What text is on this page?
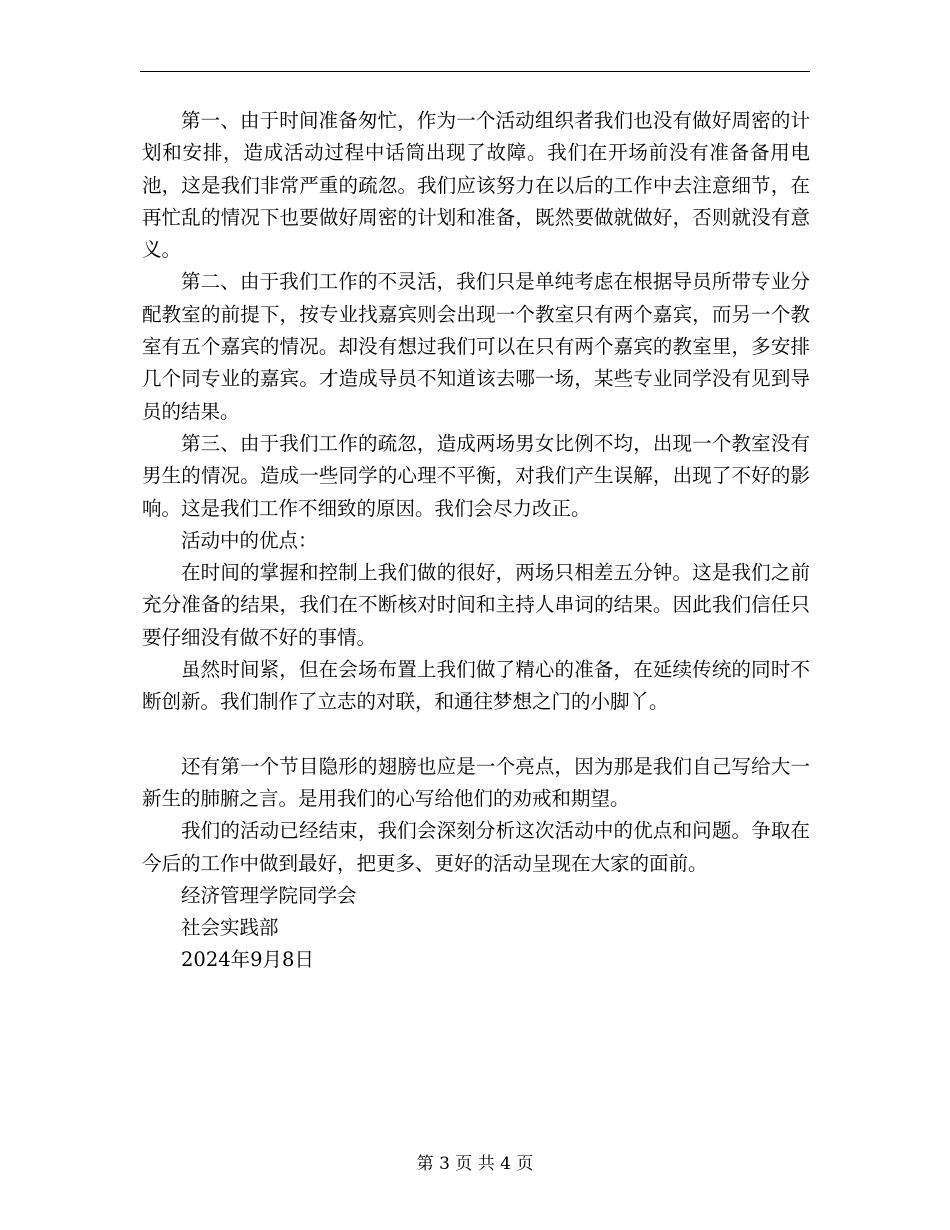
第一、由于时间准备匆忙，作为一个活动组织者我们也没有做好周密的计划和安排，造成活动过程中话筒出现了故障。我们在开场前没有准备备用电池，这是我们非常严重的疏忽。我们应该努力在以后的工作中去注意细节，在再忙乱的情况下也要做好周密的计划和准备，既然要做就做好，否则就没有意义。

第二、由于我们工作的不灵活，我们只是单纯考虑在根据导员所带专业分配教室的前提下，按专业找嘉宾则会出现一个教室只有两个嘉宾，而另一个教室有五个嘉宾的情况。却没有想过我们可以在只有两个嘉宾的教室里，多安排几个同专业的嘉宾。才造成导员不知道该去哪一场，某些专业同学没有见到导员的结果。

第三、由于我们工作的疏忽，造成两场男女比例不均，出现一个教室没有男生的情况。造成一些同学的心理不平衡，对我们产生误解，出现了不好的影响。这是我们工作不细致的原因。我们会尽力改正。

活动中的优点：

在时间的掌握和控制上我们做的很好，两场只相差五分钟。这是我们之前充分准备的结果，我们在不断核对时间和主持人串词的结果。因此我们信任只要仔细没有做不好的事情。

虽然时间紧，但在会场布置上我们做了精心的准备，在延续传统的同时不断创新。我们制作了立志的对联，和通往梦想之门的小脚丫。

还有第一个节目隐形的翅膀也应是一个亮点，因为那是我们自己写给大一新生的肺腑之言。是用我们的心写给他们的劝戒和期望。

我们的活动已经结束，我们会深刻分析这次活动中的优点和问题。争取在今后的工作中做到最好，把更多、更好的活动呈现在大家的面前。

经济管理学院同学会

社会实践部

2024年9月8日

第 3 页 共 4 页
